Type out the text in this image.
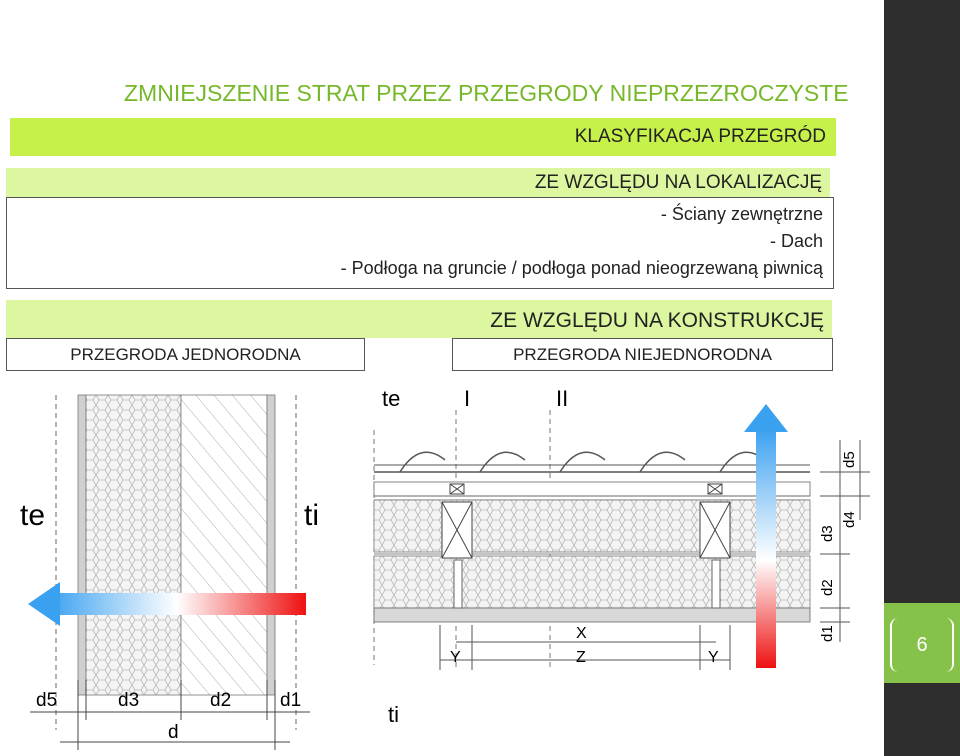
6
ZMNIEJSZENIE STRAT PRZEZ PRZEGRODY NIEPRZEZROCZYSTE
KLASYFIKACJA PRZEGRÓD
ZE WZGLĘDU NA LOKALIZACJĘ
- Ściany zewnętrzne
- Dach
- Podłoga na gruncie / podłoga ponad nieogrzewaną piwnicą
ZE WZGLĘDU NA KONSTRUKCJĘ
PRZEGRODA JEDNORODNA	PRZEGRODA NIEJEDNORODNA
te	ti
d5	d3	d2	d1
d
te	I	II
ti
X
Y	Z	Y
d5
d4
d3
d2
d1
